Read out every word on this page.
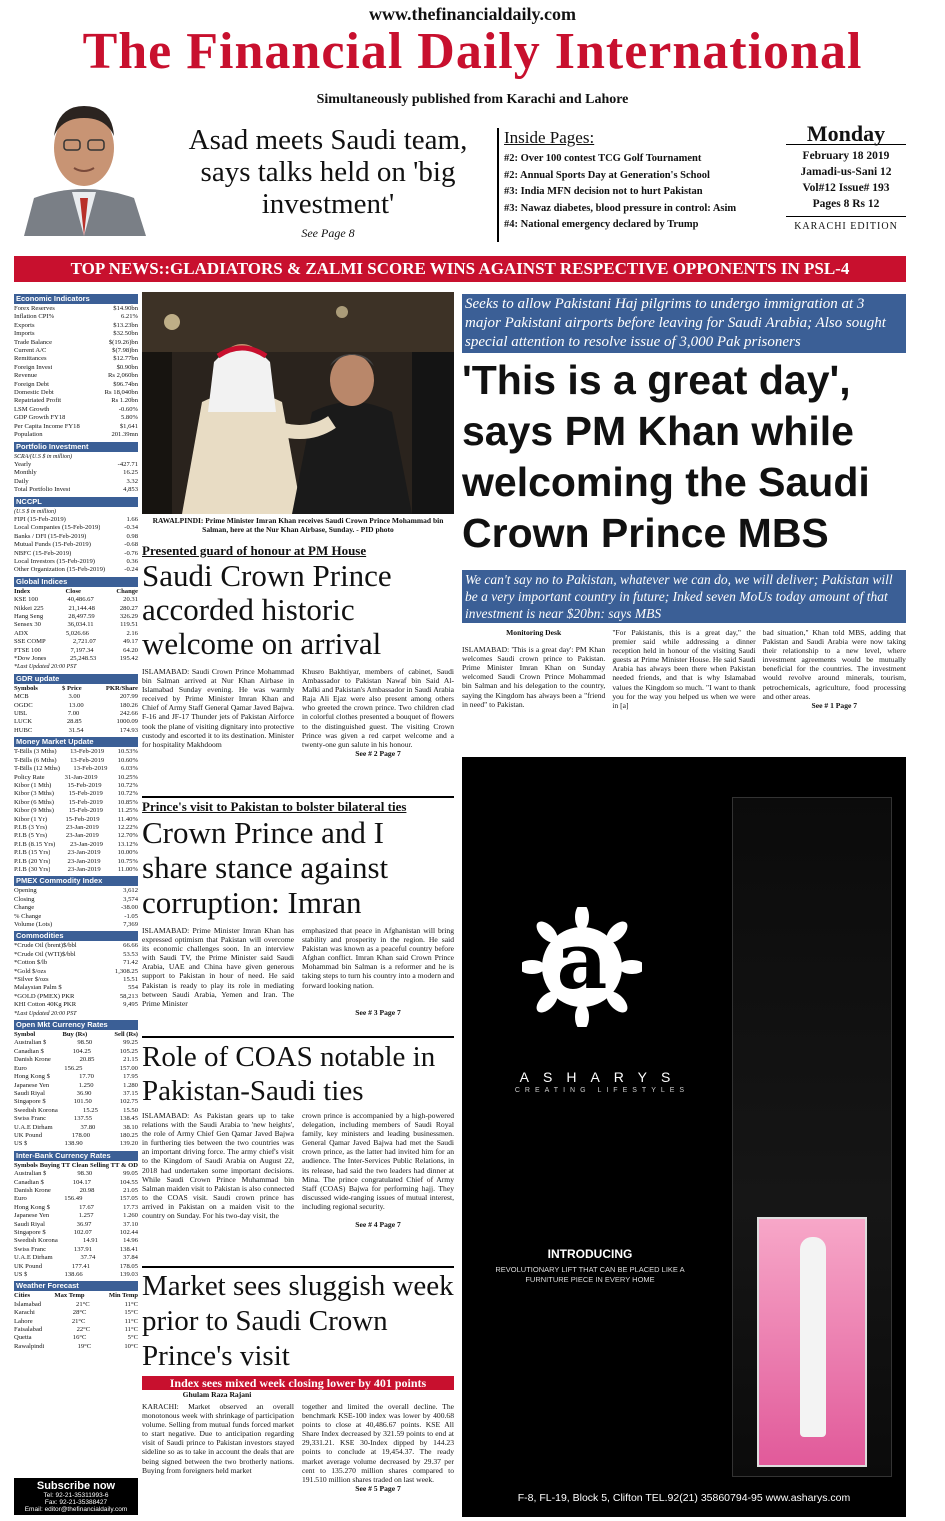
www.thefinancialdaily.com
The Financial Daily International
Simultaneously published from Karachi and Lahore
Asad meets Saudi team, says talks held on 'big investment'
See Page 8
Inside Pages:
#2: Over 100 contest TCG Golf Tournament
#2: Annual Sports Day at Generation's School
#3: India MFN decision not to hurt Pakistan
#3: Nawaz diabetes, blood pressure in control: Asim
#4: National emergency declared by Trump
Monday
February 18 2019
Jamadi-us-Sani 12
Vol#12 Issue# 193
Pages 8 Rs 12
KARACHI EDITION
TOP NEWS::GLADIATORS & ZALMI SCORE WINS AGAINST RESPECTIVE OPPONENTS IN PSL-4
Economic Indicators
Forex Reserves	$14.90bn
Inflation CPI%	6.21%
Exports	$13.23bn
Imports	$32.50bn
Trade Balance	$(19.26)bn
Current A/C	$(7.98)bn
Remittances	$12.77bn
Foreign Invest	$0.90bn
Revenue	Rs 2,060bn
Foreign Debt	$96.74bn
Domestic Debt	Rs 18,040bn
Repatriated Profit	Rs 1.20bn
LSM Growth	-0.60%
GDP Growth FY18	5.80%
Per Capita Income FY18	$1,641
Population	201.39mn
Portfolio Investment
SCRA/(U.S $ in million)
Yearly	-427.71
Monthly	16.25
Daily	3.32
Total Portfolio Invest	4,853
NCCPL
(U.S $ in million)
FIPI (15-Feb-2019)	1.66
Local Companies (15-Feb-2019)	-0.34
Banks / DFI (15-Feb-2019)	0.98
Mutual Funds (15-Feb-2019)	-0.68
NBFC (15-Feb-2019)	-0.76
Local Investors (15-Feb-2019)	0.36
Other Organization (15-Feb-2019)	-0.24
Global Indices
Index	Close	Change
KSE 100	40,486.67	20.31
Nikkei 225	21,144.48	280.27
Hang Seng	28,497.59	326.29
Sensex 30	36,034.11	119.51
ADX	5,026.66	2.16
SSE COMP	2,721.07	49.17
FTSE 100	7,197.34	64.20
*Dow Jones	25,248.53	195.42
*Last Updated 20:00 PST
GDR update
Symbols	$ Price	PKR/Share
MCB	3.00	207.99
OGDC	13.00	180.26
UBL	7.00	242.66
LUCK	28.85	1000.09
HUBC	31.54	174.93
Money Market Update
T-Bills (3 Mths) 13-Feb-2019 10.53%
T-Bills (6 Mths) 13-Feb-2019 10.60%
T-Bills (12 Mths) 13-Feb-2019 6.03%
Policy Rate	31-Jan-2019	10.25%
Kibor (1 Mth) 15-Feb-2019 10.72%
Kibor (3 Mths) 15-Feb-2019 10.72%
Kibor (6 Mths) 15-Feb-2019 10.85%
Kibor (9 Mths) 15-Feb-2019 11.25%
Kibor (1 Yr)	15-Feb-2019	11.40%
P.I.B (3 Yrs)	23-Jan-2019	12.22%
P.I.B (5 Yrs)	23-Jan-2019	12.70%
P.I.B (8.15 Yrs) 23-Jan-2019 13.12%
P.I.B (15 Yrs)	23-Jan-2019	10.00%
P.I.B (20 Yrs)	23-Jan-2019	10.75%
P.I.B (30 Yrs)	23-Jan-2019	11.00%
PMEX Commodity Index
Opening	3,612
Closing	3,574
Change	-38.00
% Change	-1.05
Volume (Lots)	7,369
Commodities
*Crude Oil (brent)$/bbl	66.66
*Crude Oil (WTI)$/bbl	53.53
*Cotton $/lb	71.42
*Gold $/ozs	1,308.25
*Silver $/ozs	15.51
Malaysian Palm $	554
*GOLD (PMEX) PKR	58,213
KHI Cotton 40Kg PKR	9,495
*Last Updated 20:00 PST
Open Mkt Currency Rates
Symbol	Buy (Rs)	Sell (Rs)
Australian $	98.50	99.25
Canadian $	104.25	105.25
Danish Krone	20.85	21.15
Euro	156.25	157.00
Hong Kong $	17.70	17.95
Japanese Yen	1.250	1.280
Saudi Riyal	36.90	37.15
Singapore $	101.50	102.75
Swedish Korona	15.25	15.50
Swiss Franc	137.55	138.45
U.A.E Dirham	37.80	38.10
UK Pound	178.00	180.25
US $	138.90	139.20
Inter-Bank Currency Rates
Symbols Buying TT Clean Selling TT & OD
Australian $	98.30	99.05
Canadian $	104.17	104.55
Danish Krone	20.98	21.05
Euro	156.49	157.05
Hong Kong $	17.67	17.73
Japanese Yen	1.257	1.260
Saudi Riyal	36.97	37.10
Singapore $	102.07	102.44
Swedish Korona	14.91	14.96
Swiss Franc	137.91	138.41
U.A.E Dirham	37.74	37.84
UK Pound	177.41	178.05
US $	138.66	139.03
Weather Forecast
Cities	Max Temp	Min Temp
Islamabad	21°C	11°C
Karachi	28°C	15°C
Lahore	21°C	11°C
Faisalabad	22°C	11°C
Quetta	16°C	5°C
Rawalpindi	19°C	10°C
Subscribe now
Tel: 92-21-35311993-6
Fax: 92-21-35388427
Email: editor@thefinancialdaily.com
RAWALPINDI: Prime Minister Imran Khan receives Saudi Crown Prince Mohammad bin Salman, here at the Nur Khan Airbase, Sunday. - PID photo
Presented guard of honour at PM House
Saudi Crown Prince accorded historic welcome on arrival
ISLAMABAD: Saudi Crown Prince Mohammad bin Salman arrived at Nur Khan Airbase in Islamabad Sunday evening. He was warmly received by Prime Minister Imran Khan and Chief of Army Staff General Qamar Javed Bajwa. F-16 and JF-17 Thunder jets of Pakistan Airforce took the plane of visiting dignitary into protective custody and escorted it to its destination. Minister for hospitality Makhdoom
Khusro Bakhtiyar, members of cabinet, Saudi Ambassador to Pakistan Nawaf bin Said Al-Malki and Pakistan's Ambassador in Saudi Arabia Raja Ali Ejaz were also present among others who greeted the crown prince. Two children clad in colorful clothes presented a bouquet of flowers to the distinguished guest. The visiting Crown Prince was given a red carpet welcome and a twenty-one gun salute in his honour.
See # 2 Page 7
Prince's visit to Pakistan to bolster bilateral ties
Crown Prince and I share stance against corruption: Imran
ISLAMABAD: Prime Minister Imran Khan has expressed optimism that Pakistan will overcome its economic challenges soon. In an interview with Saudi TV, the Prime Minister said Saudi Arabia, UAE and China have given generous support to Pakistan in hour of need. He said Pakistan is ready to play its role in mediating between Saudi Arabia, Yemen and Iran. The Prime Minister
emphasized that peace in Afghanistan will bring stability and prosperity in the region. He said Pakistan was known as a peaceful country before Afghan conflict. Imran Khan said Crown Prince Mohammad bin Salman is a reformer and he is taking steps to turn his country into a modern and forward looking nation.
See # 3 Page 7
Role of COAS notable in Pakistan-Saudi ties
ISLAMABAD: As Pakistan gears up to take relations with the Saudi Arabia to 'new heights', the role of Army Chief Gen Qamar Javed Bajwa in furthering ties between the two countries was an important driving force. The army chief's visit to the Kingdom of Saudi Arabia on August 22, 2018 had undertaken some important decisions. While Saudi Crown Prince Muhammad bin Salman maiden visit to Pakistan is also connected to the COAS visit. Saudi crown prince has arrived in Pakistan on a maiden visit to the country on Sunday. For his two-day visit, the
crown prince is accompanied by a high-powered delegation, including members of Saudi Royal family, key ministers and leading businessmen. General Qamar Javed Bajwa had met the Saudi crown prince, as the latter had invited him for an audience. The Inter-Services Public Relations, in its release, had said the two leaders had dinner at Mina. The prince congratulated Chief of Army Staff (COAS) Bajwa for performing hajj. They discussed wide-ranging issues of mutual interest, including regional security.
See # 4 Page 7
Market sees sluggish week prior to Saudi Crown Prince's visit
Index sees mixed week closing lower by 401 points
Ghulam Raza Rajani
KARACHI: Market observed an overall monotonous week with shrinkage of participation volume. Selling from mutual funds forced market to start negative. Due to anticipation regarding visit of Saudi prince to Pakistan investors stayed sideline so as to take in account the deals that are being signed between the two brotherly nations. Buying from foreigners held market
together and limited the overall decline. The benchmark KSE-100 index was lower by 400.68 points to close at 40,486.67 points. KSE All Share Index decreased by 321.59 points to end at 29,331.21. KSE 30-Index dipped by 144.23 points to conclude at 19,454.37. The ready market average volume decreased by 29.37 per cent to 135.270 million shares compared to 191.510 million shares traded on last week.
See # 5 Page 7
Seeks to allow Pakistani Haj pilgrims to undergo immigration at 3 major Pakistani airports before leaving for Saudi Arabia; Also sought special attention to resolve issue of 3,000 Pak prisoners
'This is a great day', says PM Khan while welcoming the Saudi Crown Prince MBS
We can't say no to Pakistan, whatever we can do, we will deliver; Pakistan will be a very important country in future; Inked seven MoUs today amount of that investment is near $20bn: says MBS
Monitoring Desk
ISLAMABAD: 'This is a great day': PM Khan welcomes Saudi crown prince to Pakistan. Prime Minister Imran Khan on Sunday welcomed Saudi Crown Prince Mohammad bin Salman and his delegation to the country, saying the Kingdom has always been a "friend in need" to Pakistan.
"For Pakistanis, this is a great day," the premier said while addressing a dinner reception held in honour of the visiting Saudi guests at Prime Minister House. He said Saudi Arabia has always been there when Pakistan needed friends, and that is why Islamabad values the Kingdom so much. "I want to thank you for the way you helped us when we were in [a]
bad situation," Khan told MBS, adding that Pakistan and Saudi Arabia were now taking their relationship to a new level, where investment agreements would be mutually beneficial for the countries. The investment would revolve around minerals, tourism, petrochemicals, agriculture, food processing and other areas.
See # 1 Page 7
a
ASHARYS
CREATING LIFESTYLES
INTRODUCING
REVOLUTIONARY LIFT THAT CAN BE PLACED LIKE A FURNITURE PIECE IN EVERY HOME
F-8, FL-19, Block 5, Clifton TEL.92(21) 35860794-95 www.asharys.com
